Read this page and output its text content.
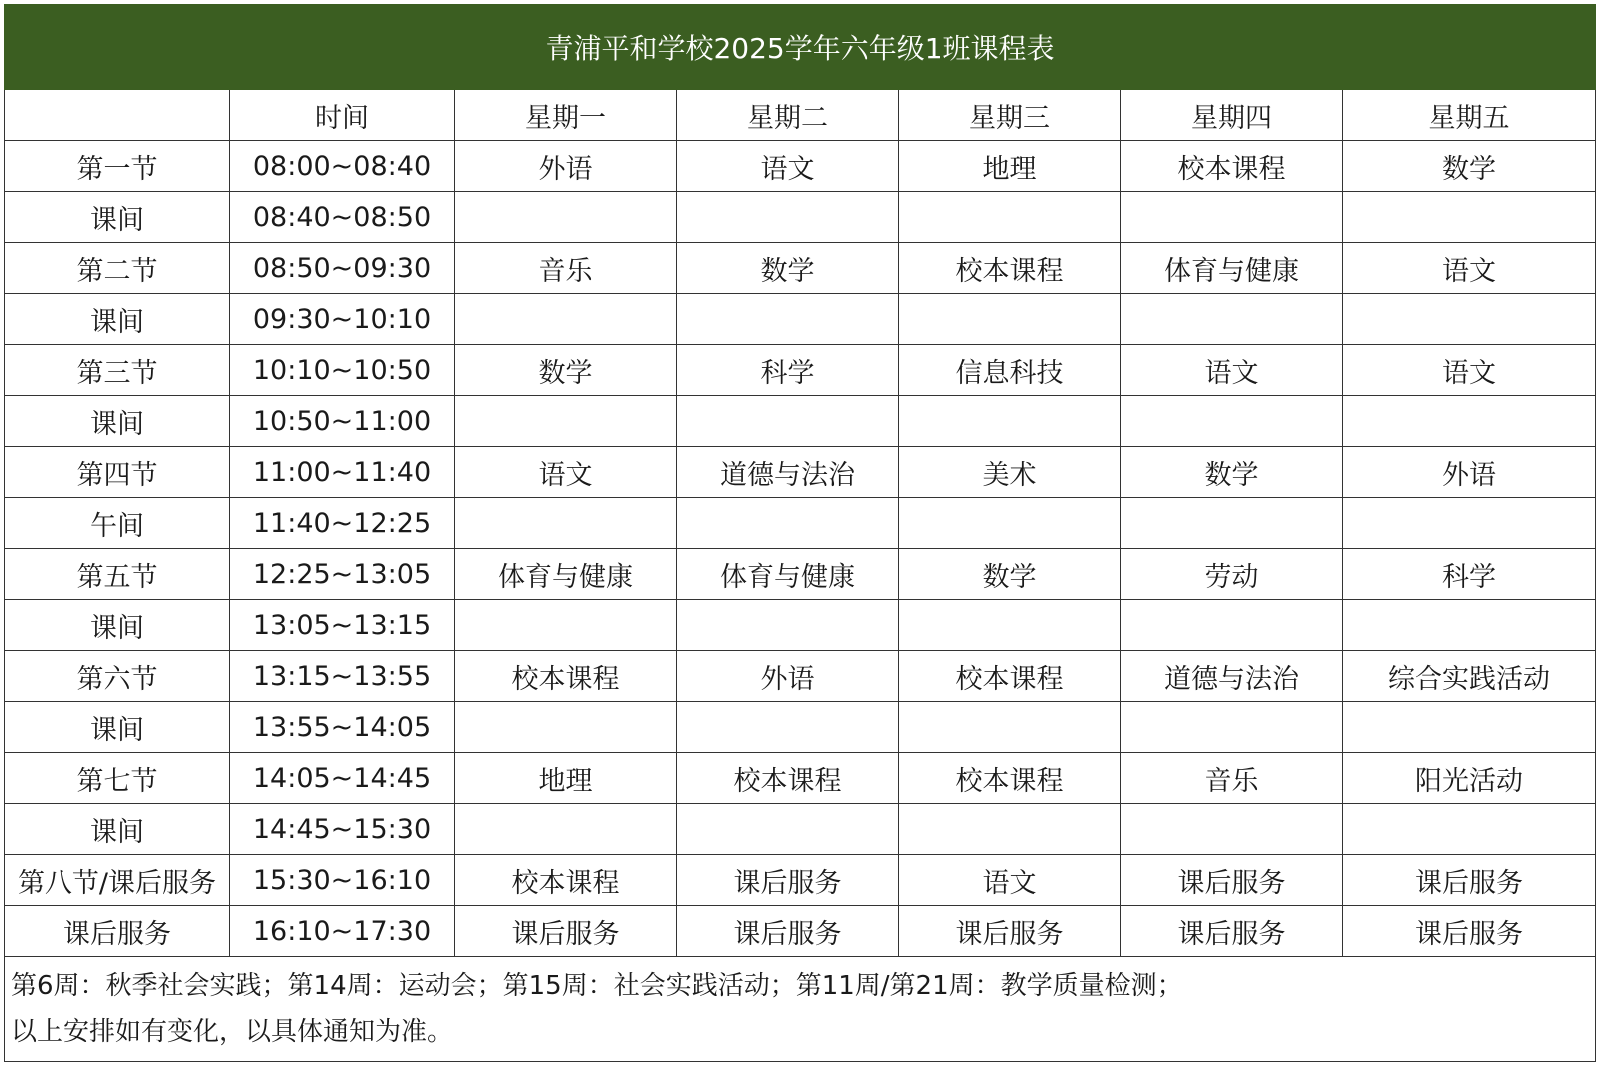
青浦平和学校2025学年六年级1班课程表						
	时间	星期一	星期二	星期三	星期四	星期五
第一节	08:00~08:40	外语	语文	地理	校本课程	数学
课间	08:40~08:50					
第二节	08:50~09:30	音乐	数学	校本课程	体育与健康	语文
课间	09:30~10:10					
第三节	10:10~10:50	数学	科学	信息科技	语文	语文
课间	10:50~11:00					
第四节	11:00~11:40	语文	道德与法治	美术	数学	外语
午间	11:40~12:25					
第五节	12:25~13:05	体育与健康	体育与健康	数学	劳动	科学
课间	13:05~13:15					
第六节	13:15~13:55	校本课程	外语	校本课程	道德与法治	综合实践活动
课间	13:55~14:05					
第七节	14:05~14:45	地理	校本课程	校本课程	音乐	阳光活动
课间	14:45~15:30					
第八节/课后服务	15:30~16:10	校本课程	课后服务	语文	课后服务	课后服务
课后服务	16:10~17:30	课后服务	课后服务	课后服务	课后服务	课后服务

第6周：秋季社会实践；第14周：运动会；第15周：社会实践活动；第11周/第21周：教学质量检测；
以上安排如有变化，以具体通知为准。						
